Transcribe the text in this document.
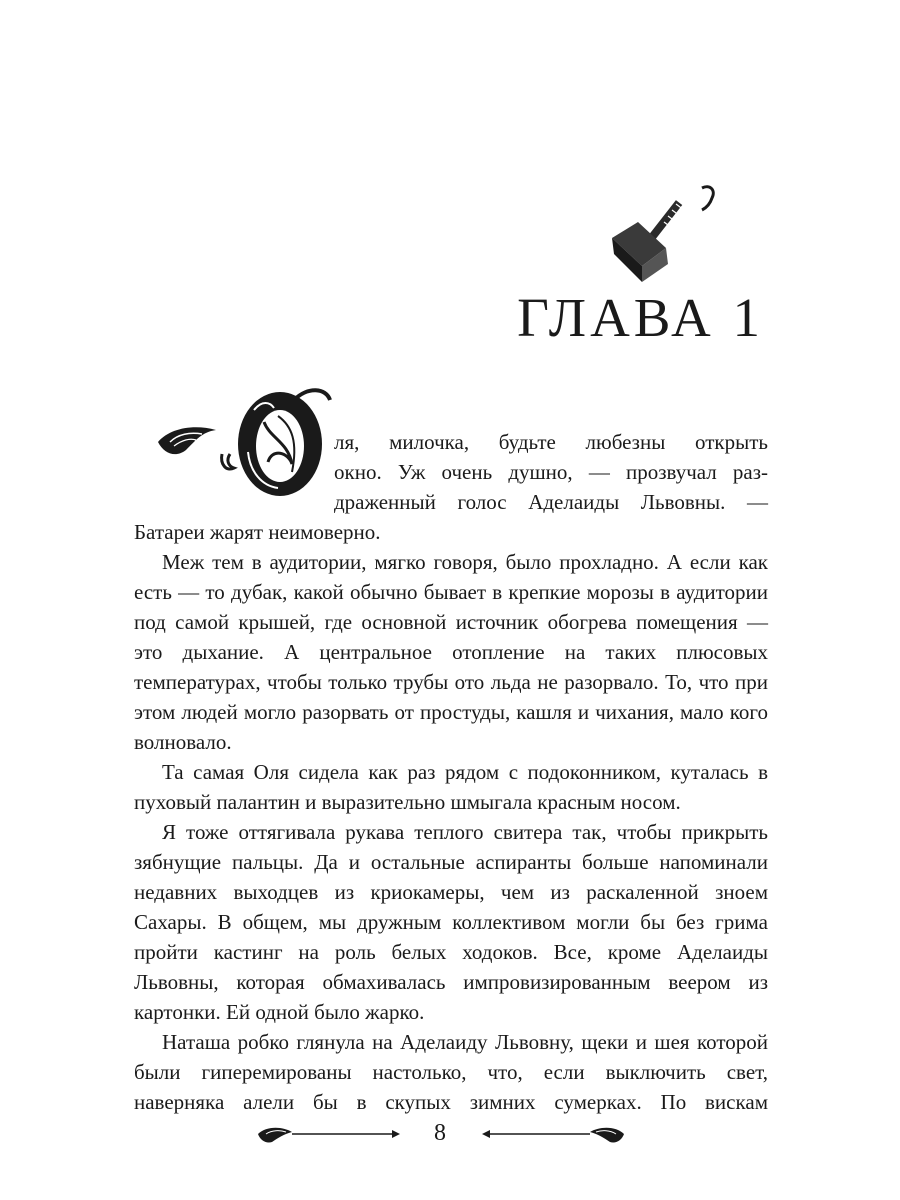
ГЛАВА 1
О

ля, милочка, будьте любезны открыть
окно. Уж очень душно, — прозвучал раз-
драженный голос Аделаиды Львовны. —
Батареи жарят неимоверно.

Меж тем в аудитории, мягко говоря, было прохладно. А если как есть — то дубак, какой обычно бывает в крепкие морозы в аудитории под самой крышей, где основной источник обогрева помещения — это дыхание. А центральное отопление на таких плюсовых температурах, чтобы только трубы ото льда не разорвало. То, что при этом людей могло разорвать от простуды, кашля и чихания, мало кого волновало.

Та самая Оля сидела как раз рядом с подоконником, куталась в пуховый палантин и выразительно шмыгала красным носом.

Я тоже оттягивала рукава теплого свитера так, чтобы прикрыть зябнущие пальцы. Да и остальные аспиранты больше напоминали недавних выходцев из криокамеры, чем из раскаленной зноем Сахары. В общем, мы дружным коллективом могли бы без грима пройти кастинг на роль белых ходоков. Все, кроме Аделаиды Львовны, которая обмахивалась импровизированным веером из картонки. Ей одной было жарко.

Наташа робко глянула на Аделаиду Львовну, щеки и шея которой были гиперемированы настолько, что, если выключить свет, наверняка алели бы в скупых зимних сумерках. По вискам

8
